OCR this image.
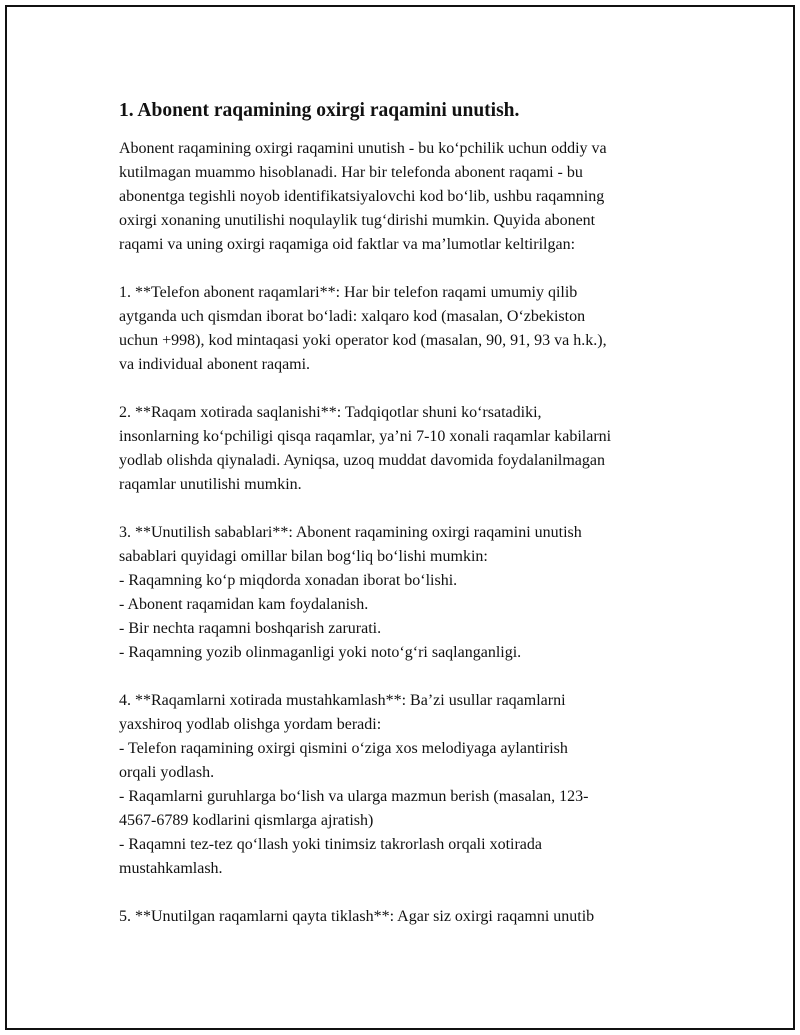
1. Abonent raqamining oxirgi raqamini unutish.

Abonent raqamining oxirgi raqamini unutish - bu koʻpchilik uchun oddiy va
kutilmagan muammo hisoblanadi. Har bir telefonda abonent raqami - bu
abonentga tegishli noyob identifikatsiyalovchi kod boʻlib, ushbu raqamning
oxirgi xonaning unutilishi noqulaylik tugʻdirishi mumkin. Quyida abonent
raqami va uning oxirgi raqamiga oid faktlar va maʼlumotlar keltirilgan:

1. **Telefon abonent raqamlari**: Har bir telefon raqami umumiy qilib
aytganda uch qismdan iborat boʻladi: xalqaro kod (masalan, Oʻzbekiston
uchun +998), kod mintaqasi yoki operator kod (masalan, 90, 91, 93 va h.k.),
va individual abonent raqami.

2. **Raqam xotirada saqlanishi**: Tadqiqotlar shuni koʻrsatadiki,
insonlarning koʻpchiligi qisqa raqamlar, yaʼni 7-10 xonali raqamlar kabilarni
yodlab olishda qiynaladi. Ayniqsa, uzoq muddat davomida foydalanilmagan
raqamlar unutilishi mumkin.

3. **Unutilish sabablari**: Abonent raqamining oxirgi raqamini unutish
sabablari quyidagi omillar bilan bogʻliq boʻlishi mumkin:
- Raqamning koʻp miqdorda xonadan iborat boʻlishi.
- Abonent raqamidan kam foydalanish.
- Bir nechta raqamni boshqarish zarurati.
- Raqamning yozib olinmaganligi yoki notoʻgʻri saqlanganligi.

4. **Raqamlarni xotirada mustahkamlash**: Baʼzi usullar raqamlarni
yaxshiroq yodlab olishga yordam beradi:
- Telefon raqamining oxirgi qismini oʻziga xos melodiyaga aylantirish
orqali yodlash.
- Raqamlarni guruhlarga boʻlish va ularga mazmun berish (masalan, 123-
4567-6789 kodlarini qismlarga ajratish)
- Raqamni tez-tez qoʻllash yoki tinimsiz takrorlash orqali xotirada
mustahkamlash.

5. **Unutilgan raqamlarni qayta tiklash**: Agar siz oxirgi raqamni unutib
